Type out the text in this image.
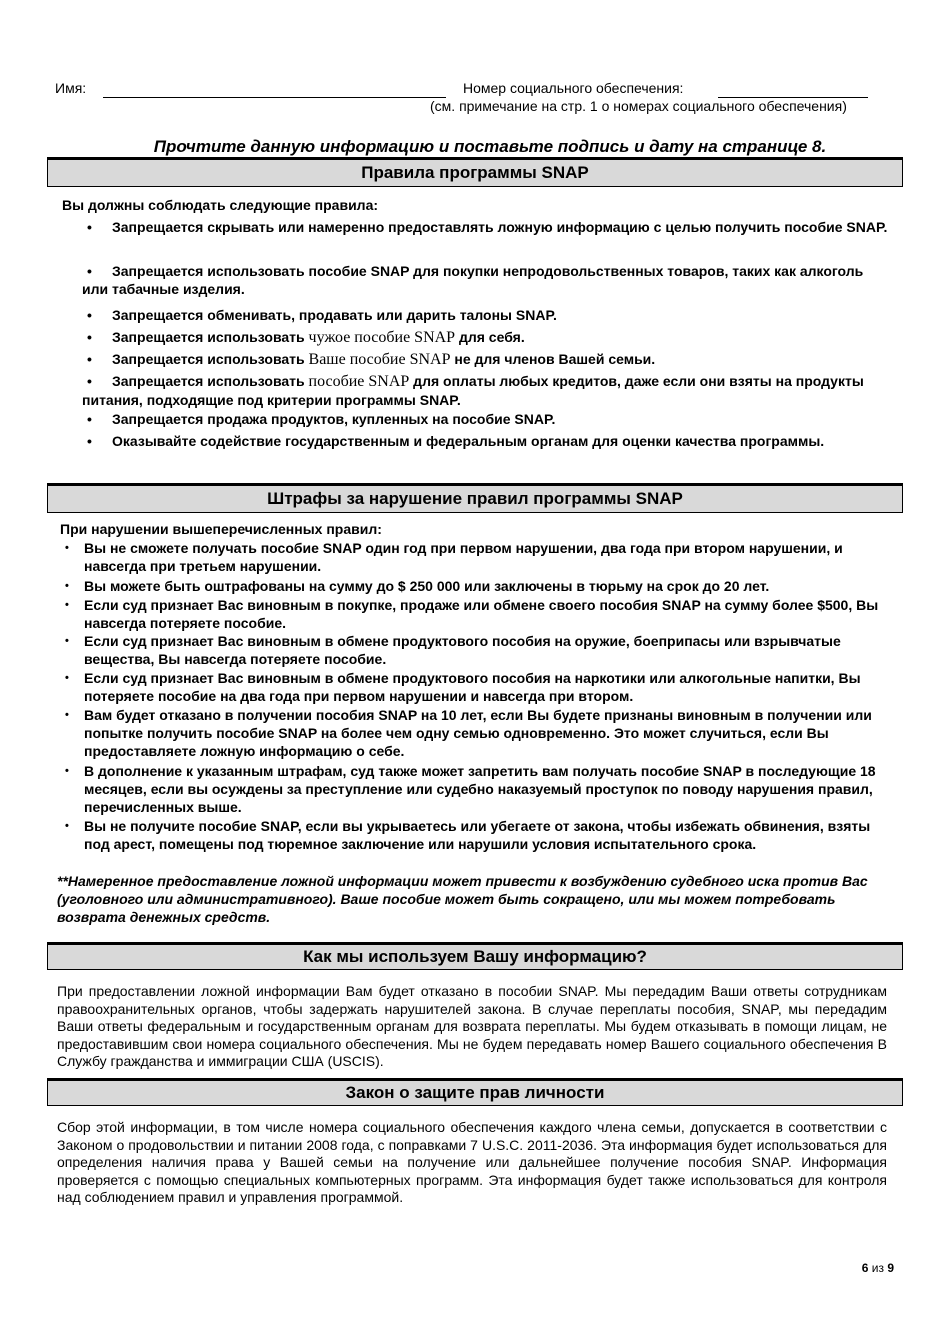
Имя:	Номер социального обеспечения:
(см. примечание на стр. 1 о номерах социального обеспечения)
Прочтите данную информацию и поставьте подпись и дату на странице 8.
Правила программы SNAP
Вы должны соблюдать следующие правила:
• Запрещается скрывать или намеренно предоставлять ложную информацию с целью получить пособие SNAP.
• Запрещается использовать пособие SNAP для покупки непродовольственных товаров, таких как алкоголь или табачные изделия.
• Запрещается обменивать, продавать или дарить талоны SNAP.
• Запрещается использовать чужое пособие SNAP для себя.
• Запрещается использовать Ваше пособие SNAP не для членов Вашей семьи.
• Запрещается использовать пособие SNAP для оплаты любых кредитов, даже если они взяты на продукты питания, подходящие под критерии программы SNAP.
• Запрещается продажа продуктов, купленных на пособие SNAP.
• Оказывайте содействие государственным и федеральным органам для оценки качества программы.
Штрафы за нарушение правил программы SNAP
При нарушении вышеперечисленных правил:
• Вы не сможете получать пособие SNAP один год при первом нарушении, два года при втором нарушении, и навсегда при третьем нарушении.
• Вы можете быть оштрафованы на сумму до $ 250 000 или заключены в тюрьму на срок до 20 лет.
• Если суд признает Вас виновным в покупке, продаже или обмене своего пособия SNAP на сумму более $500, Вы навсегда потеряете пособие.
• Если суд признает Вас виновным в обмене продуктового пособия на оружие, боеприпасы или взрывчатые вещества, Вы навсегда потеряете пособие.
• Если суд признает Вас виновным в обмене продуктового пособия на наркотики или алкогольные напитки, Вы потеряете пособие на два года при первом нарушении и навсегда при втором.
• Вам будет отказано в получении пособия SNAP на 10 лет, если Вы будете признаны виновным в получении или попытке получить пособие SNAP на более чем одну семью одновременно. Это может случиться, если Вы предоставляете ложную информацию о себе.
• В дополнение к указанным штрафам, суд также может запретить вам получать пособие SNAP в последующие 18 месяцев, если вы осуждены за преступление или судебно наказуемый проступок по поводу нарушения правил, перечисленных выше.
• Вы не получите пособие SNAP, если вы укрываетесь или убегаете от закона, чтобы избежать обвинения, взяты под арест, помещены под тюремное заключение или нарушили условия испытательного срока.
**Намеренное предоставление ложной информации может привести к возбуждению судебного иска против Вас (уголовного или административного). Ваше пособие может быть сокращено, или мы можем потребовать возврата денежных средств.
Как мы используем Вашу информацию?
При предоставлении ложной информации Вам будет отказано в пособии SNAP. Мы передадим Ваши ответы сотрудникам правоохранительных органов, чтобы задержать нарушителей закона. В случае переплаты пособия, SNAP, мы передадим Ваши ответы федеральным и государственным органам для возврата переплаты. Мы будем отказывать в помощи лицам, не предоставившим свои номера социального обеспечения. Мы не будем передавать номер Вашего социального обеспечения В Службу гражданства и иммиграции США (USCIS).
Закон о защите прав личности
Сбор этой информации, в том числе номера социального обеспечения каждого члена семьи, допускается в соответствии с Законом о продовольствии и питании 2008 года, с поправками 7 U.S.C. 2011-2036. Эта информация будет использоваться для определения наличия права у Вашей семьи на получение или дальнейшее получение пособия SNAP. Информация проверяется с помощью специальных компьютерных программ. Эта информация будет также использоваться для контроля над соблюдением правил и управления программой.
6 из 9
